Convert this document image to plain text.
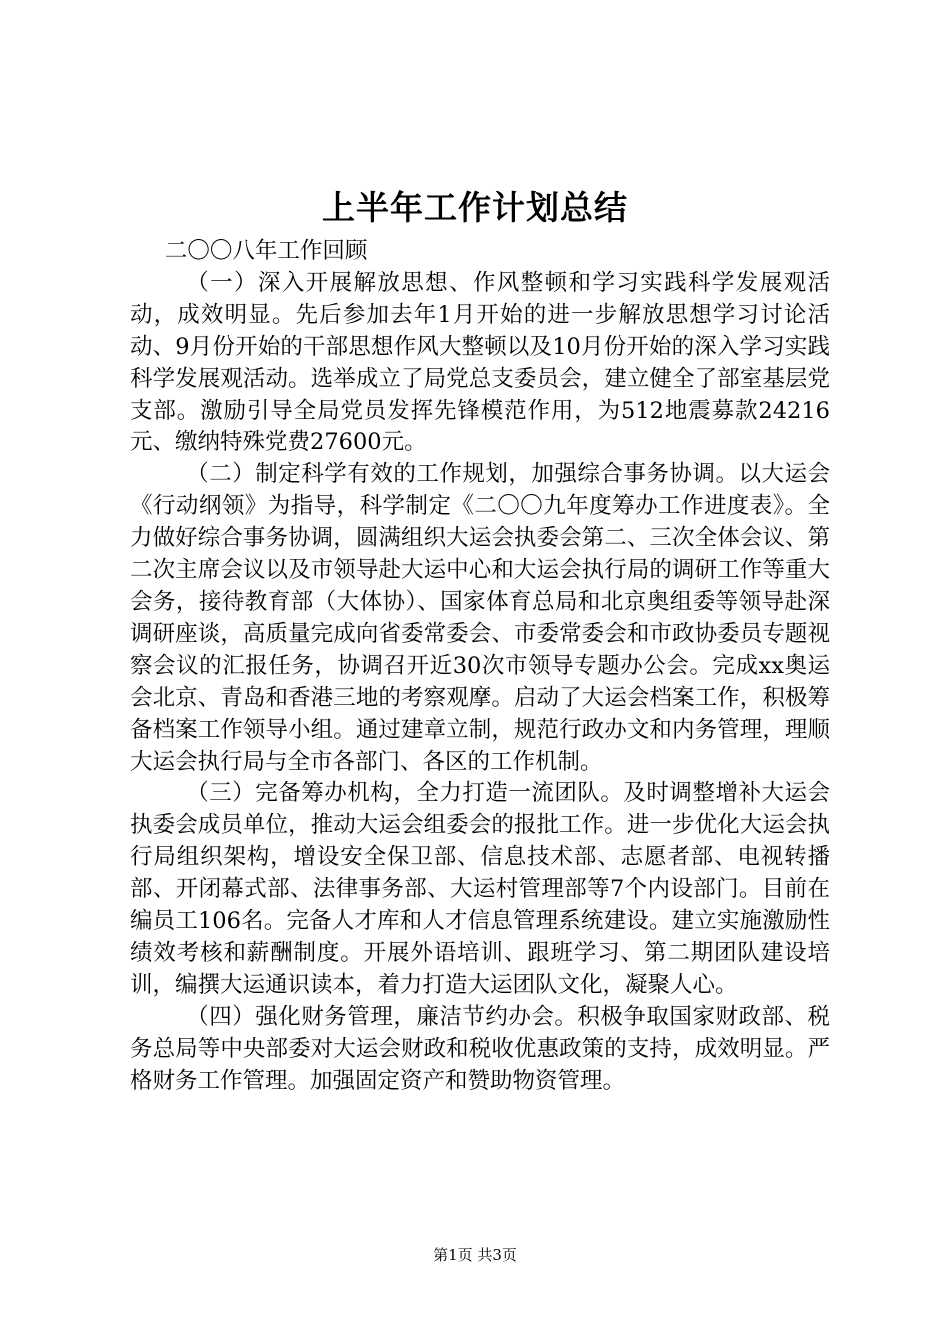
上半年工作计划总结

二〇〇八年工作回顾

（一）深入开展解放思想、作风整顿和学习实践科学发展观活动，成效明显。先后参加去年1月开始的进一步解放思想学习讨论活动、9月份开始的干部思想作风大整顿以及10月份开始的深入学习实践科学发展观活动。选举成立了局党总支委员会，建立健全了部室基层党支部。激励引导全局党员发挥先锋模范作用，为512地震募款24216元、缴纳特殊党费27600元。

（二）制定科学有效的工作规划，加强综合事务协调。以大运会《行动纲领》为指导，科学制定《二〇〇九年度筹办工作进度表》。全力做好综合事务协调，圆满组织大运会执委会第二、三次全体会议、第二次主席会议以及市领导赴大运中心和大运会执行局的调研工作等重大会务，接待教育部（大体协）、国家体育总局和北京奥组委等领导赴深调研座谈，高质量完成向省委常委会、市委常委会和市政协委员专题视察会议的汇报任务，协调召开近30次市领导专题办公会。完成xx奥运会北京、青岛和香港三地的考察观摩。启动了大运会档案工作，积极筹备档案工作领导小组。通过建章立制，规范行政办文和内务管理，理顺大运会执行局与全市各部门、各区的工作机制。

（三）完备筹办机构，全力打造一流团队。及时调整增补大运会执委会成员单位，推动大运会组委会的报批工作。进一步优化大运会执行局组织架构，增设安全保卫部、信息技术部、志愿者部、电视转播部、开闭幕式部、法律事务部、大运村管理部等7个内设部门。目前在编员工106名。完备人才库和人才信息管理系统建设。建立实施激励性绩效考核和薪酬制度。开展外语培训、跟班学习、第二期团队建设培训，编撰大运通识读本，着力打造大运团队文化，凝聚人心。

（四）强化财务管理，廉洁节约办会。积极争取国家财政部、税务总局等中央部委对大运会财政和税收优惠政策的支持，成效明显。严格财务工作管理。加强固定资产和赞助物资管理。

第1页 共3页
